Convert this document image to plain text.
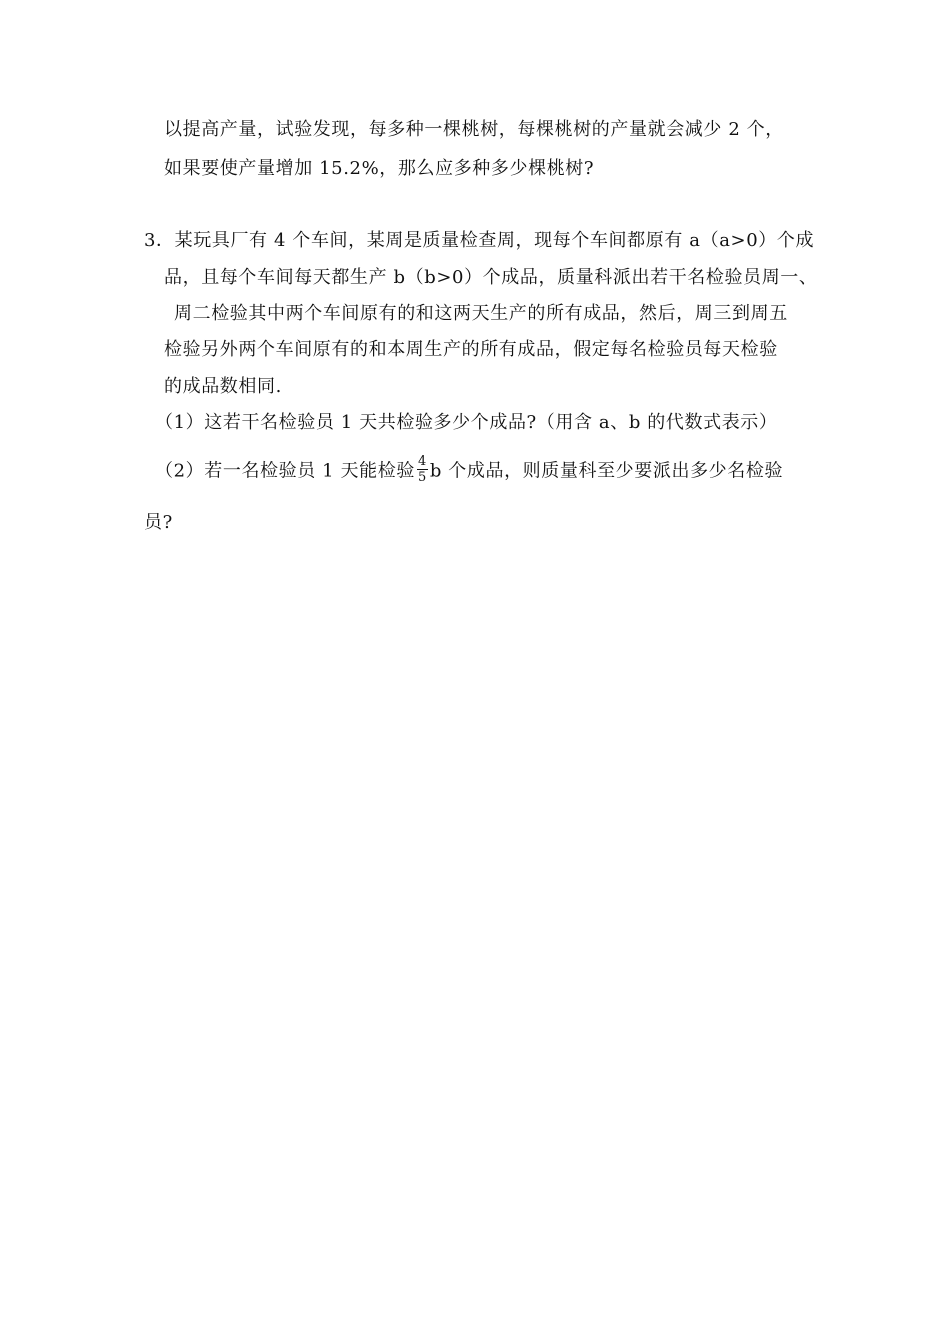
以提高产量，试验发现，每多种一棵桃树，每棵桃树的产量就会减少 2 个，
如果要使产量增加 15.2%，那么应多种多少棵桃树?
3．某玩具厂有 4 个车间，某周是质量检查周，现每个车间都原有 a（a>0）个成
品，且每个车间每天都生产 b（b>0）个成品，质量科派出若干名检验员周一、
周二检验其中两个车间原有的和这两天生产的所有成品，然后，周三到周五
检验另外两个车间原有的和本周生产的所有成品，假定每名检验员每天检验
的成品数相同.
（1）这若干名检验员 1 天共检验多少个成品?（用含 a、b 的代数式表示）
（2）若一名检验员 1 天能检验 $\frac{4}{5}$ b 个成品，则质量科至少要派出多少名检验
员?
